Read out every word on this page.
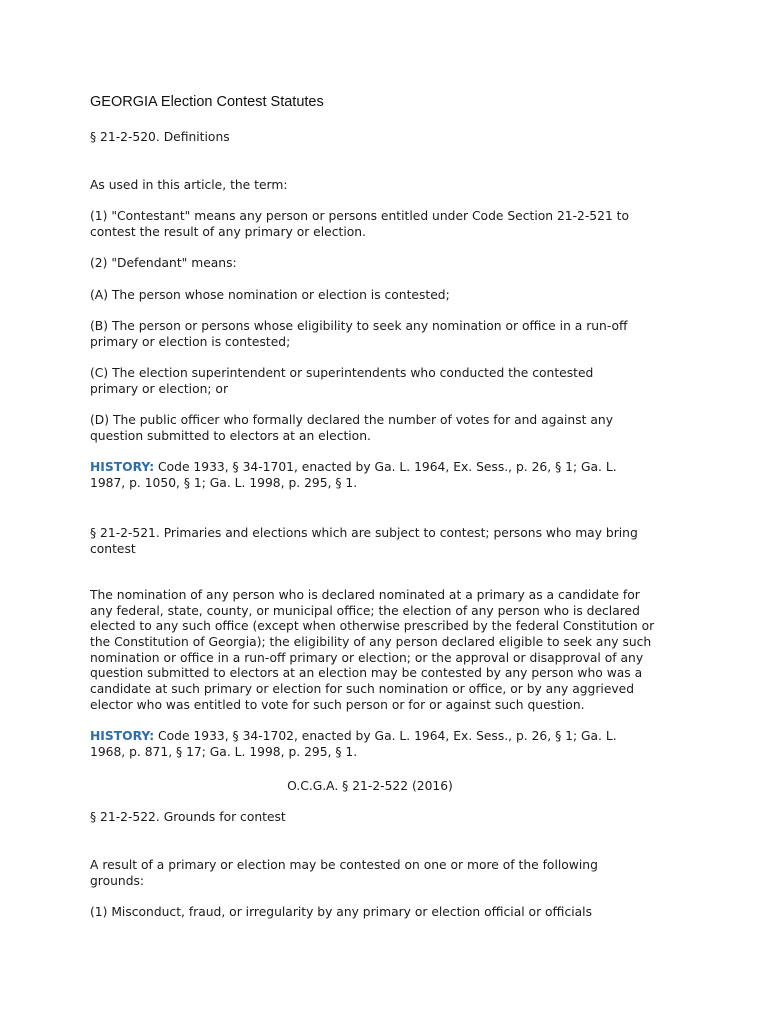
GEORGIA Election Contest Statutes

§ 21-2-520. Definitions

As used in this article, the term:

(1) "Contestant" means any person or persons entitled under Code Section 21-2-521 to

contest the result of any primary or election.

(2) "Defendant" means:

(A) The person whose nomination or election is contested;

(B) The person or persons whose eligibility to seek any nomination or office in a run-off

primary or election is contested;

(C) The election superintendent or superintendents who conducted the contested

primary or election; or

(D) The public officer who formally declared the number of votes for and against any

question submitted to electors at an election.

HISTORY: Code 1933, § 34-1701, enacted by Ga. L. 1964, Ex. Sess., p. 26, § 1; Ga. L.

1987, p. 1050, § 1; Ga. L. 1998, p. 295, § 1.

§ 21-2-521. Primaries and elections which are subject to contest; persons who may bring

contest

The nomination of any person who is declared nominated at a primary as a candidate for

any federal, state, county, or municipal office; the election of any person who is declared

elected to any such office (except when otherwise prescribed by the federal Constitution or

the Constitution of Georgia); the eligibility of any person declared eligible to seek any such

nomination or office in a run-off primary or election; or the approval or disapproval of any

question submitted to electors at an election may be contested by any person who was a

candidate at such primary or election for such nomination or office, or by any aggrieved

elector who was entitled to vote for such person or for or against such question.

HISTORY: Code 1933, § 34-1702, enacted by Ga. L. 1964, Ex. Sess., p. 26, § 1; Ga. L.

1968, p. 871, § 17; Ga. L. 1998, p. 295, § 1.

O.C.G.A. § 21-2-522 (2016)

§ 21-2-522. Grounds for contest

A result of a primary or election may be contested on one or more of the following

grounds:

(1) Misconduct, fraud, or irregularity by any primary or election official or officials
